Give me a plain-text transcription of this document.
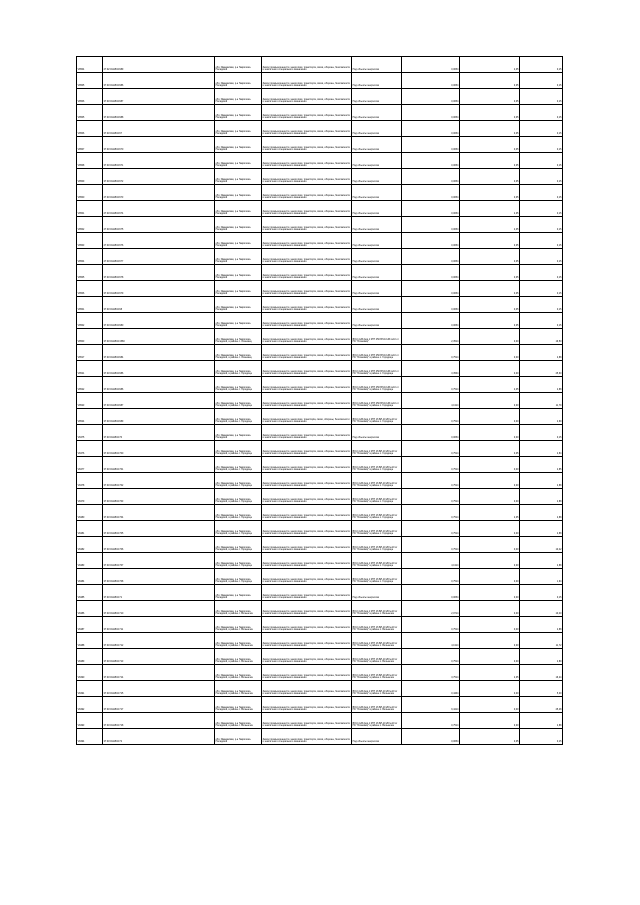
V8504	27:02:0111504:689	обл. Ивановская, р-н Гаврилово-Посадский	Земли промышленности, энергетики, транспорта, связи, обороны, безопасности и земли иного специального назначения	Под объекты энергетики	0,0054	2,05	0,15
V8505	37:03:0111504:686	обл. Ивановская, р-н Гаврилово-Посадский	Земли промышленности, энергетики, транспорта, связи, обороны, безопасности и земли иного специального назначения	Под объекты энергетики	0,0054	0,05	0,15
V8506	37:03:0111504:687	обл. Ивановская, р-н Гаврилово-Посадский	Земли промышленности, энергетики, транспорта, связи, обороны, безопасности и земли иного специального назначения	Под объекты энергетики	0,0054	0,05	0,15
V8505	37:03:0111504:688	обл. Ивановская, р-н Гаврилово-Посадский	Земли промышленности, энергетики, транспорта, связи, обороны, безопасности и земли иного специального назначения	Под объекты энергетики	0,0054	0,05	0,15
V8506	37:03:0111504:67	обл. Ивановская, р-н Гаврилово-Посадский	Земли промышленности, энергетики, транспорта, связи, обороны, безопасности и земли иного специального назначения	Под объекты энергетики	0,0054	0,05	0,15
V8507	37:03:0111504:670	обл. Ивановская, р-н Гаврилово-Посадский	Земли промышленности, энергетики, транспорта, связи, обороны, безопасности и земли иного специального назначения	Под объекты энергетики	0,0054	0,05	0,15
V8508	37:03:0111504:671	обл. Ивановская, р-н Гаврилово-Посадский	Земли промышленности, энергетики, транспорта, связи, обороны, безопасности и земли иного специального назначения	Под объекты энергетики	0,0054	0,05	0,15
V8509	37:03:0111504:672	обл. Ивановская, р-н Гаврилово-Посадский	Земли промышленности, энергетики, транспорта, связи, обороны, безопасности и земли иного специального назначения	Под объекты энергетики	0,0054	0,05	0,15
V8500	27:03:0111504:673	обл. Ивановская, р-н Гаврилово-Посадский	Земли промышленности, энергетики, транспорта, связи, обороны, безопасности и земли иного специального назначения	Под объекты энергетики	0,0054	0,05	0,15
V8501	27:03:0111504:674	обл. Ивановская, р-н Гаврилово-Посадский	Земли промышленности, энергетики, транспорта, связи, обороны, безопасности и земли иного специального назначения	Под объекты энергетики	0,0054	2,05	0,15
V8502	27:03:0111504:675	обл. Ивановская, р-н Гаврилово-Посадский	Земли промышленности, энергетики, транспорта, связи, обороны, безопасности и земли иного специального назначения	Под объекты энергетики	0,0054	2,05	0,15
V8503	27:03:0111504:676	обл. Ивановская, р-н Гаврилово-Посадский	Земли промышленности, энергетики, транспорта, связи, обороны, безопасности и земли иного специального назначения	Под объекты энергетики	0,0054	0,05	0,15
V8504	27:03:0111504:677	обл. Ивановская, р-н Гаврилово-Посадский	Земли промышленности, энергетики, транспорта, связи, обороны, безопасности и земли иного специального назначения	Под объекты энергетики	0,0054	0,05	0,15
V8505	37:03:0111504:678	обл. Ивановская, р-н Гаврилово-Посадский	Земли промышленности, энергетики, транспорта, связи, обороны, безопасности и земли иного специального назначения	Под объекты энергетики	0,0054	0,05	0,15
V8506	37:03:0111504:679	обл. Ивановская, р-н Гаврилово-Посадский	Земли промышленности, энергетики, транспорта, связи, обороны, безопасности и земли иного специального назначения	Под объекты энергетики	0,0054	0,05	0,15
V8501	37:03:0111504:68	обл. Ивановская, р-н Гаврилово-Посадский	Земли промышленности, энергетики, транспорта, связи, обороны, безопасности и земли иного специального назначения	Под объекты энергетики	0,0054	0,05	0,15
V8502	37:03:0111504:680	обл. Ивановская, р-н Гаврилово-Посадский	Земли промышленности, энергетики, транспорта, связи, обороны, безопасности и земли иного специального назначения	Под объекты энергетики	0,0054	0,05	0,15
V8503	37:03:0111504:1580	обл. Ивановская, р-н Гаврилово-Посадский, в районе с. Осановец	Земли промышленности, энергетики, транспорта, связи, обороны, безопасности и земли иного специального назначения	ВЛ-0,4 кВ фид.1 КТП 250 ВЛ-10 кВ №10 от ПС "Осановец"	2,3514	0,00	19,50
V8517	37:03:0111504:684	обл. Ивановская, р-н Гаврилово-Посадский, в районе с. Осановец	Земли промышленности, энергетики, транспорта, связи, обороны, безопасности и земли иного специального назначения	ВЛ-0,4 кВ фид.1 КТП 250 ВЛ-10 кВ №10 от ПС "Осановец" в районе с. Городище	0,7514	0,00	2,88
V8521	37:03:0111504:686	обл. Ивановская, р-н Гаврилово-Посадский, в районе с. Городище	Земли промышленности, энергетики, транспорта, связи, обороны, безопасности и земли иного специального назначения	ВЛ-0,4 кВ фид.1 КТП 250 ВЛ-10 кВ №10 от ПС "Осановец" в районе с. Городище	3,3564	0,00	25,60
V8522	37:03:0111504:686	обл. Ивановская, р-н Гаврилово-Посадский, в районе с. Городище	Земли промышленности, энергетики, транспорта, связи, обороны, безопасности и земли иного специального назначения	ВЛ-0,4 кВ фид.1 КТП 250 ВЛ-10 кВ №10 от ПС "Осановец" в районе с. Городище	0,7514	2,05	2,88
V8523	37:03:0111504:687	обл. Ивановская, р-н Гаврилово-Посадский, в районе с. Городище	Земли промышленности, энергетики, транспорта, связи, обороны, безопасности и земли иного специального назначения	ВЛ-0,4 кВ фид.1 КТП 250 ВЛ-10 кВ №10 от ПС "Осановец" в районе с. Городище	4,1314	0,00	11,79
V8524	37:03:0111504:689	обл. Ивановская, р-н Гаврилово-Посадский, в районе с. Городище	Земли промышленности, энергетики, транспорta, связи, обороны, безопасности и земли иного специального назначения	ВЛ-0,4 кВ фид.1 КТП 16 ВЛ-10 кВ №10 от ПС "Осановец" в районе с. Городище	0,7514	0,00	2,69
V8475	37:03:0111504:70	обл. Ивановская, р-н Гаврилово-Посадский	Земли промышленности, энергетики, транспорта, связи, обороны, безопасности и земли иного специального назначения	Под объекты энергетики	0,0054	0,00	0,15
V8476	37:03:0111504:700	обл. Ивановская, р-н Гаврилово-Посадский, в районе с. Городище	Земли промышленности, энергетики, транспорта, связи, обороны, безопасности и земли иного специального назначения	ВЛ-0,4 кВ фид.1 КТП 16 ВЛ-10 кВ №10 от ПС "Осановец" в районе с. Городище	0,7514	0,05	2,84
V8477	37:03:0111504:701	обл. Ивановская, р-н Гаврилово-Посадский, в районе с. Городище	Земли промышленности, энергетики, транспорта, связи, обороны, безопасности и земли иного специального назначения	ВЛ-0,4 кВ фид.1 КТП 16 ВЛ-10 кВ №10 от ПС "Осановец" в районе с. Городище	0,7514	0,00	2,85
V8478	37:03:0111504:702	обл. Ивановская, р-н Гаврилово-Посадский, в районе с. Городище	Земли промышленности, энергетики, транспорта, связи, обороны, безопасности и земли иного специального назначения	ВЛ-0,4 кВ фид.1 КТП 16 ВЛ-10 кВ №10 от ПС "Осановец" в районе с. Городище	0,7514	0,00	2,88
V8479	37:03:0111504:703	обл. Ивановская, р-н Гаврилово-Посадский, в районе с. Городище	Земли промышленности, энергетики, транспорта, связи, обороны, безопасности и земли иного специального назначения	ВЛ-0,4 кВ фид.1 КТП 16 ВЛ-10 кВ №10 от ПС "Осановец" в районе с. Городище	0,7514	0,00	2,88
V8480	37:03:0111504:704	обл. Ивановская, р-н Гаврилово-Посадский, в районе с. Городище	Земли промышленности, энергетики, транспорта, связи, обороны, безопасности и земли иного специального назначения	ВЛ-0,4 кВ фид.1 КТП 16 ВЛ-10 кВ №10 от ПС "Осановец" в районе с. Городище	0,7514	2,05	2,88
V8481	37:03:0111504:705	обл. Ивановская, р-н Гаврилово-Посадский, в районе с. Городище	Земли промышленности, энергетики, транспорта, связи, обороны, безопасности и земли иного специального назначения	ВЛ-0,4 кВ фид.1 КТП 16 ВЛ-10 кВ №10 от ПС "Осановец" в районе с. Городище	0,7514	0,00	2,88
V8482	37:03:0111504:706	обл. Ивановская, р-н Гаврилово-Посадский, в районе с. Городище	Земли промышленности, энергетики, транспорта, связи, обороны, безопасности и земли иного специального назначения	ВЛ-0,4 кВ фид.1 КТП 16 ВЛ-10 кВ №10 от ПС "Осановец" в районе с. Городище	0,7514	0,00	10,42
V8483	37:03:0111504:707	обл. Ивановская, р-н Гаврилово-Посадский, в районе с. Городище	Земли промышленности, энергетики, транспорта, связи, обороны, безопасности и земли иного специального назначения	ВЛ-0,4 кВ фид.1 КТП 16 ВЛ-10 кВ №10 от ПС "Осановец" в районе с. Городище	4,1314	0,00	2,88
V8484	37:03:0111504:708	обл. Ивановская, р-н Гаврилово-Посадский, в районе с. Городище	Земли промышленности, энергетики, транспорта, связи, обороны, безопасности и земли иного специального назначения	ВЛ-0,4 кВ фид.1 КТП 16 ВЛ-10 кВ №10 от ПС "Осановец" в районе с. Городище	0,7514	0,00	1,94
V8485	37:03:0111504:71	обл. Ивановская, р-н Гаврилово-Посадский	Земли промышленности, энергетики, транспорта, связи, обороны, безопасности и земли иного специального назначения	Под объекты энергетики	0,0054	0,00	0,15
V8486	37:03:0111504:710	обл. Ивановская, р-н Гаврилово-Посадский, в районе с. Вольнечие	Земли промышленности, энергетики, транспорта, связи, обороны, безопасности и земли иного специального назначения	ВЛ-0,4 кВ фид.1 КТП 16 ВЛ-10 кВ №10 от ПС "Осановец" в районе с. Вольнечие	2,0714	0,00	10,40
V8487	37:03:0111504:711	обл. Ивановская, р-н Гаврилово-Посадский, в районе с. Вольнечие	Земли промышленности, энергетики, транспорта, связи, обороны, безопасности и земли иного специального назначения	ВЛ-0,4 кВ фид.1 КТП 16 ВЛ-10 кВ №10 от ПС "Осановец" в районе с. Вольнечие	0,7514	0,00	2,88
V8488	37:03:0111504:712	обл. Ивановская, р-н Гаврилово-Посадский, в районе с. Вольнечие	Земли промышленности, энергетики, транспорта, связи, обороны, безопасности и земли иного специального назначения	ВЛ-0,4 кВ фид.1 КТП 16 ВЛ-10 кВ №10 от ПС "Осановец" в районе с. Вольнечие	4,1314	0,00	11,72
V8489	37:03:0111504:713	обл. Ивановская, р-н Гаврилово-Посадский, в районе с. Вольнечие	Земли промышленности, энергетики, транспорта, связи, обороны, безопасности и земли иного специального назначения	ВЛ-0,4 кВ фид.1 КТП 16 ВЛ-10 кВ №10 от ПС "Осановец" в районе с. Вольнечие	0,7514	0,00	2,89
V8490	37:03:0111504:714	обл. Ивановская, р-н Гаврилово-Посадский, в районе с. Вольнечие	Земли промышленности, энергетики, транспорта, связи, обороны, безопасности и земли иного специального назначения	ВЛ-0,4 кВ фид.1 КТП 16 ВЛ-10 кВ №10 от ПС "Осановец" в районе с. Вольнечие	3,7514	2,05	16,24
V8491	37:03:0111504:715	обл. Ивановская, р-н Гаврилово-Посадский, в районе с. Вольнечие	Земли промышленности, энергетики, транспорта, связи, обороны, безопасности и земли иного специального назначения	ВЛ-0,4 кВ фид.1 КТП 16 ВЛ-10 кВ №10 от ПС "Осановец" в районе с. Вольнечие	0,4464	0,00	5,00
V8492	37:03:0111504:717	обл. Ивановская, р-н Гаврилово-Посадский, в районе с. Вольнечие	Земли промышленности, энергетики, транспорта, связи, обороны, безопасности и земли иного специального назначения	ВЛ-0,4 кВ фид.1 КТП 16 ВЛ-10 кВ №10 от ПС "Осановец" в районе с. Вольнечие	9,4414	0,00	25,48
V8493	37:03:0111504:718	обл. Ивановская, р-н Гаврилово-Посадский, в районе с. Вольнечие	Земли промышленности, энергетики, транспорта, связи, обороны, безопасности и земли иного специального назначения	ВЛ-0,4 кВ фид.1 КТП 16 ВЛ-10 кВ №10 от ПС "Осановец" в районе с. Вольнечие	0,7514	0,00	2,88
V8494	37:03:0111504:72	обл. Ивановская, р-н Гаврилово-Посадский	Земли промышленности, энергетики, транспорта, связи, обороны, безопасности и земли иного специального назначения	Под объекты энергетики	0,0054	0,05	0,15
